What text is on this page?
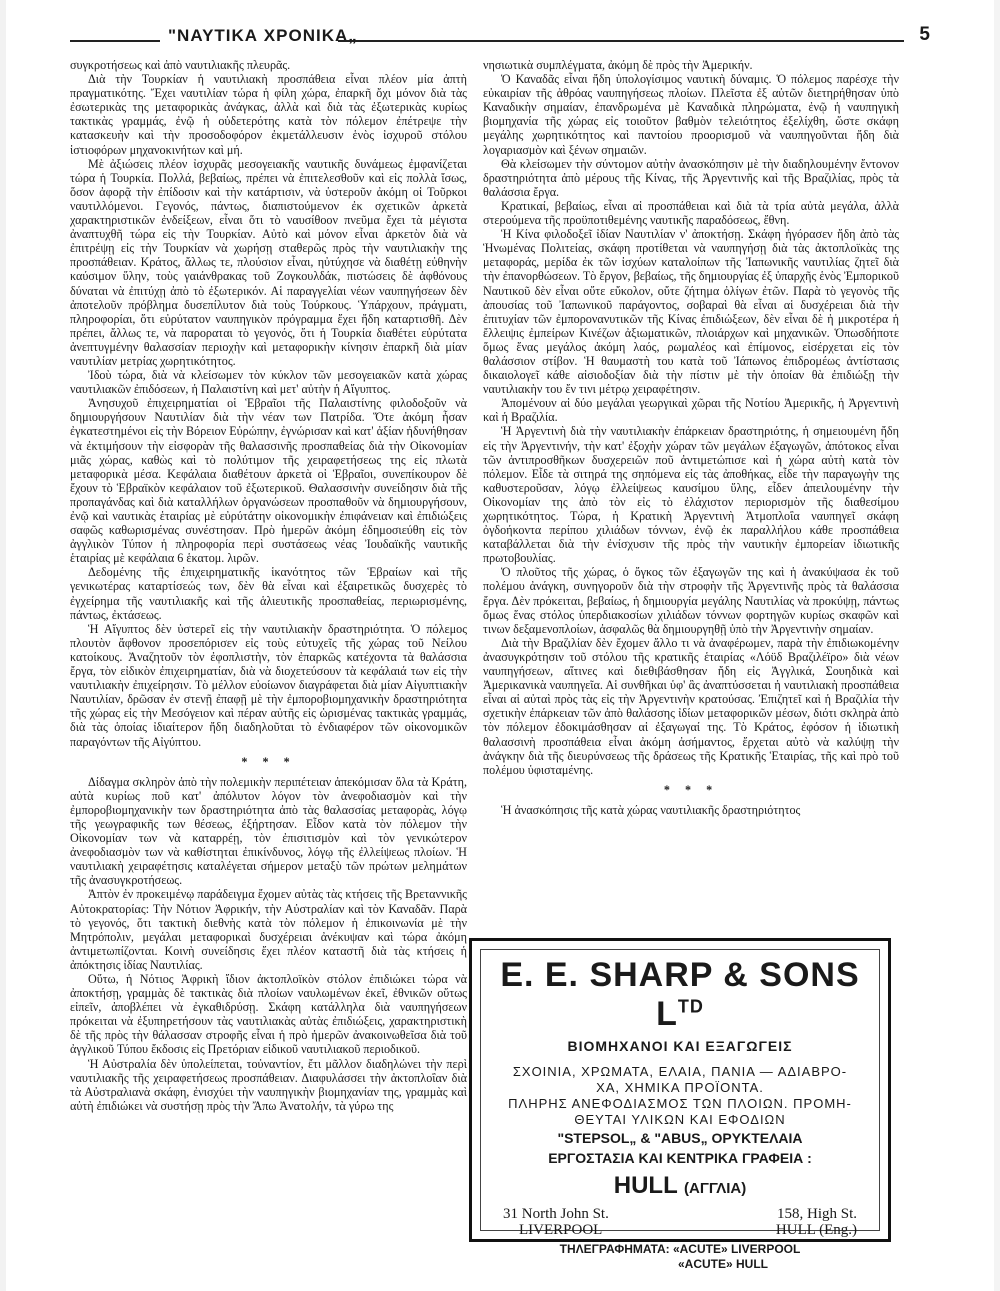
"ΝΑΥΤΙΚΑ ΧΡΟΝΙΚΑ„	5

συγκροτήσεως καὶ ἀπὸ ναυτιλιακῆς πλευρᾶς.

Διὰ τὴν Τουρκίαν ἡ ναυτιλιακὴ προσπάθεια εἶναι πλέον μία ἀπτὴ πραγματικότης. Ἔχει ναυτιλίαν τώρα ἡ φίλη χώρα, ἐπαρκῆ ὄχι μόνον διὰ τὰς ἐσωτερικὰς της μεταφορικὰς ἀνάγκας, ἀλλὰ καὶ διὰ τὰς ἐξωτερικὰς κυρίως τακτικὰς γραμμάς, ἐνῷ ἡ οὐδετερότης κατὰ τὸν πόλεμον ἐπέτρεψε τὴν κατασκευὴν καὶ τὴν προσοδοφόρον ἐκμετάλλευσιν ἑνὸς ἰσχυροῦ στόλου ἱστιοφόρων μηχανοκινήτων καὶ μή.

Μὲ ἀξιώσεις πλέον ἰσχυρᾶς μεσογειακῆς ναυτικῆς δυνάμεως ἐμφανίζεται τώρα ἡ Τουρκία. Πολλά, βεβαίως, πρέπει νὰ ἐπιτελεσθοῦν καὶ εἰς πολλὰ ἴσως, ὅσον ἀφορᾷ τὴν ἐπίδοσιν καὶ τὴν κατάρτισιν, νὰ ὑστεροῦν ἀκόμη οἱ Τοῦρκοι ναυτιλλόμενοι. Γεγονός, πάντως, διαπιστούμενον ἐκ σχετικῶν ἀρκετὰ χαρακτηριστικῶν ἐνδείξεων, εἶναι ὅτι τὸ ναυσίθοον πνεῦμα ἔχει τὰ μέγιστα ἀναπτυχθῆ τώρα εἰς τὴν Τουρκίαν. Αὐτὸ καὶ μόνον εἶναι ἀρκετὸν διὰ νὰ ἐπιτρέψῃ εἰς τὴν Τουρκίαν νὰ χωρήσῃ σταθερῶς πρὸς τὴν ναυτιλιακὴν της προσπάθειαν. Κράτος, ἄλλως τε, πλούσιον εἶναι, ηὐτύχησε νὰ διαθέτῃ εὐθηνὴν καύσιμον ὕλην, τοὺς γαιάνθρακας τοῦ Ζογκουλδάκ, πιστώσεις δὲ ἀφθόνους δύναται νὰ ἐπιτύχῃ ἀπὸ τὸ ἐξωτερικόν. Αἱ παραγγελίαι νέων ναυπηγήσεων δὲν ἀποτελοῦν πρόβλημα δυσεπίλυτον διὰ τοὺς Τούρκους. Ὑπάρχουν, πράγματι, πληροφορίαι, ὅτι εὐρύτατον ναυπηγικὸν πρόγραμμα ἔχει ἤδη καταρτισθῆ. Δὲν πρέπει, ἄλλως τε, νὰ παροραται τὸ γεγονός, ὅτι ἡ Τουρκία διαθέτει εὐρύτατα ἀνεπτυγμένην θαλασσίαν περιοχὴν καὶ μεταφορικὴν κίνησιν ἐπαρκῆ διὰ μίαν ναυτιλίαν μετρίας χωρητικότητος.

Ἰδοὺ τώρα, διὰ νὰ κλείσωμεν τὸν κύκλον τῶν μεσογειακῶν κατὰ χώρας ναυτιλιακῶν ἐπιδόσεων, ἡ Παλαιστίνη καὶ μετ' αὐτὴν ἡ Αἴγυπτος.

Ἀνησυχοῦ ἐπιχειρηματίαι οἱ Ἑβραῖοι τῆς Παλαιστίνης φιλοδοξοῦν νὰ δημιουργήσουν Ναυτιλίαν διὰ τὴν νέαν των Πατρίδα. Ὅτε ἀκόμη ἦσαν ἐγκατεστημένοι εἰς τὴν Βόρειον Εὐρώπην, ἐγνώρισαν καὶ κατ' ἀξίαν ἠδυνήθησαν νὰ ἐκτιμήσουν τὴν εἰσφορὰν τῆς θαλασσινῆς προσπαθείας διὰ τὴν Οἰκονομίαν μιᾶς χώρας, καθὼς καὶ τὸ πολύτιμον τῆς χειραφετήσεως της εἰς πλωτὰ μεταφορικὰ μέσα. Κεφάλαια διαθέτουν ἀρκετὰ οἱ Ἑβραῖοι, συνεπίκουρον δὲ ἔχουν τὸ Ἑβραϊκὸν κεφάλαιον τοῦ ἐξωτερικοῦ. Θαλασσινὴν συνείδησιν διὰ τῆς προπαγάνδας καὶ διὰ καταλλήλων ὀργανώσεων προσπαθοῦν νὰ δημιουργήσουν, ἐνῷ καὶ ναυτικὰς ἑταιρίας μὲ εὐρύτάτην οἰκονομικὴν ἐπιφάνειαν καὶ ἐπιδιώξεις σαφῶς καθωρισμένας συνέστησαν. Πρὸ ἡμερῶν ἀκόμη ἐδημοσιεύθη εἰς τὸν ἀγγλικὸν Τύπον ἡ πληροφορία περὶ συστάσεως νέας Ἰουδαϊκῆς ναυτικῆς ἑταιρίας μὲ κεφάλαια 6 ἑκατομ. λιρῶν.

Δεδομένης τῆς ἐπιχειρηματικῆς ἱκανότητος τῶν Ἑβραίων καὶ τῆς γενικωτέρας καταρτίσεώς των, δὲν θὰ εἶναι καὶ ἐξαιρετικῶς δυσχερὲς τὸ ἐγχείρημα τῆς ναυτιλιακῆς καὶ τῆς ἁλιευτικῆς προσπαθείας, περιωρισμένης, πάντως, ἐκτάσεως.

Ἡ Αἴγυπτος δὲν ὑστερεῖ εἰς τὴν ναυτιλιακὴν δραστηριότητα. Ὁ πόλεμος πλουτὸν ἄφθονον προσεπόρισεν εἰς τοὺς εὐτυχεῖς τῆς χώρας τοῦ Νείλου κατοίκους. Ἀναζητοῦν τὸν ἐφοπλιστὴν, τὸν ἐπαρκῶς κατέχοντα τὰ θαλάσσια ἔργα, τὸν εἰδικὸν ἐπιχειρηματίαν, διὰ νὰ διοχετεύσουν τὰ κεφάλαιά των εἰς τὴν ναυτιλιακὴν ἐπιχείρησιν. Τὸ μέλλον εὐοίωνον διαγράφεται διὰ μίαν Αἰγυπτιακὴν Ναυτιλίαν, δρῶσαν ἐν στενῇ ἐπαφῇ μὲ τὴν ἐμποροβιομηχανικὴν δραστηριότητα τῆς χώρας εἰς τὴν Μεσόγειον καὶ πέραν αὐτῆς εἰς ὡρισμένας τακτικὰς γραμμάς, διὰ τὰς ὁποίας ἰδιαίτερον ἤδη διαδηλοῦται τὸ ἐνδιαφέρον τῶν οἰκονομικῶν παραγόντων τῆς Αἰγύπτου.

* * *

Δίδαγμα σκληρὸν ἀπὸ τὴν πολεμικὴν περιπέτειαν ἀπεκόμισαν ὅλα τὰ Κράτη, αὐτὰ κυρίως ποῦ κατ' ἀπόλυτον λόγον τὸν ἀνεφοδιασμὸν καὶ τὴν ἐμποροβιομηχανικὴν των δραστηριότητα ἀπὸ τὰς θαλασσίας μεταφορὰς, λόγῳ τῆς γεωγραφικῆς των θέσεως, ἐξήρτησαν. Εἶδον κατὰ τὸν πόλεμον τὴν Οἰκονομίαν των νὰ καταρρέῃ, τὸν ἐπισιτισμὸν καὶ τὸν γενικώτερον ἀνεφοδιασμὸν των νὰ καθίστηται ἐπικίνδυνος, λόγῳ τῆς ἐλλείψεως πλοίων. Ἡ ναυτιλιακὴ χειραφέτησις καταλέγεται σήμερον μεταξὺ τῶν πρώτων μελημάτων τῆς ἀνασυγκροτήσεως.

Ἀπτὸν ἐν προκειμένῳ παράδειγμα ἔχομεν αὐτὰς τὰς κτήσεις τῆς Βρεταννικῆς Αὐτοκρατορίας: Τὴν Νότιον Ἀφρικήν, τὴν Αὐστραλίαν καὶ τὸν Καναδᾶν. Παρὰ τὸ γεγονός, ὅτι τακτικὴ διεθνὴς κατὰ τὸν πόλεμον ἡ ἐπικοινωνία μὲ τὴν Μητρόπολιν, μεγάλαι μεταφορικαὶ δυσχέρειαι ἀνέκυψαν καὶ τώρα ἀκόμη ἀντιμετωπίζονται. Κοινὴ συνείδησις ἔχει πλέον καταστῆ διὰ τὰς κτήσεις ἡ ἀπόκτησις ἰδίας Ναυτιλίας.

Οὕτω, ἡ Νότιος Ἀφρικὴ ἴδιον ἀκτοπλοϊκὸν στόλον ἐπιδιώκει τώρα νὰ ἀποκτήσῃ, γραμμὰς δὲ τακτικὰς διὰ πλοίων ναυλωμένων ἐκεῖ, ἐθνικῶν οὕτως εἰπεῖν, ἀποβλέπει νὰ ἐγκαθιδρύσῃ. Σκάφη κατάλληλα διὰ ναυπηγήσεων πρόκειται νὰ ἐξυπηρετήσουν τὰς ναυτιλιακὰς αὐτὰς ἐπιδιώξεις, χαρακτηριστικὴ δὲ τῆς πρὸς τὴν θάλασσαν στροφῆς εἶναι ἡ πρὸ ἡμερῶν ἀνακοινωθεῖσα διὰ τοῦ ἀγγλικοῦ Τύπου ἔκδοσις εἰς Πρετόριαν εἰδικοῦ ναυτιλιακοῦ περιοδικοῦ.

Ἡ Αὐστραλία δὲν ὑπολείπεται, τοὐναντίον, ἔτι μᾶλλον διαδηλώνει τὴν περὶ ναυτιλιακῆς τῆς χειραφετήσεως προσπάθειαν. Διαφυλάσσει τὴν ἀκτοπλοΐαν διὰ τὰ Αὐστραλιανὰ σκάφη, ἐνισχύει τὴν ναυπηγικὴν βιομηχανίαν της, γραμμὰς καὶ αὐτὴ ἐπιδιώκει νὰ συστήσῃ πρὸς τὴν Ἄπω Ἀνατολήν, τὰ γύρω της

νησιωτικὰ συμπλέγματα, ἀκόμη δὲ πρὸς τὴν Ἀμερικήν.

Ὁ Καναδᾶς εἶναι ἤδη ὑπολογίσιμος ναυτικὴ δύναμις. Ὁ πόλεμος παρέσχε τὴν εὐκαιρίαν τῆς ἀθρόας ναυπηγήσεως πλοίων. Πλεῖστα ἐξ αὐτῶν διετηρήθησαν ὑπὸ Καναδικὴν σημαίαν, ἐπανδρωμένα μὲ Καναδικὰ πληρώματα, ἐνῷ ἡ ναυπηγικὴ βιομηχανία τῆς χώρας εἰς τοιοῦτον βαθμὸν τελειότητος ἐξελίχθη, ὥστε σκάφη μεγάλης χωρητικότητος καὶ παντοίου προορισμοῦ νὰ ναυπηγοῦνται ἤδη διὰ λογαριασμὸν καὶ ξένων σημαιῶν.

Θὰ κλείσωμεν τὴν σύντομον αὐτὴν ἀνασκόπησιν μὲ τὴν διαδηλουμένην ἔντονον δραστηριότητα ἀπὸ μέρους τῆς Κίνας, τῆς Ἀργεντινῆς καὶ τῆς Βραζιλίας, πρὸς τὰ θαλάσσια ἔργα.

Κρατικαί, βεβαίως, εἶναι αἱ προσπάθειαι καὶ διὰ τὰ τρία αὐτὰ μεγάλα, ἀλλὰ στερούμενα τῆς προϋποτιθεμένης ναυτικῆς παραδόσεως, ἔθνη.

Ἡ Κίνα φιλοδοξεῖ ἰδίαν Ναυτιλίαν ν' ἀποκτήσῃ. Σκάφη ἠγόρασεν ἤδη ἀπὸ τὰς Ἡνωμένας Πολιτείας, σκάφη προτίθεται νὰ ναυπηγήσῃ διὰ τὰς ἀκτοπλοϊκὰς της μεταφοράς, μερίδα ἐκ τῶν ἰσχύων καταλοίπων τῆς Ἰαπωνικῆς ναυτιλίας ζητεῖ διὰ τὴν ἐπανορθώσεων. Τὸ ἔργον, βεβαίως, τῆς δημιουργίας ἐξ ὑπαρχῆς ἑνὸς Ἐμπορικοῦ Ναυτικοῦ δὲν εἶναι οὔτε εὔκολον, οὔτε ζήτημα ὀλίγων ἐτῶν. Παρὰ τὸ γεγονὸς τῆς ἀπουσίας τοῦ Ἰαπωνικοῦ παράγοντος, σοβαραὶ θὰ εἶναι αἱ δυσχέρειαι διὰ τὴν ἐπιτυχίαν τῶν ἐμπορονανυτικῶν τῆς Κίνας ἐπιδιώξεων, δὲν εἶναι δὲ ἡ μικροτέρα ἡ ἔλλειψις ἐμπείρων Κινέζων ἀξιωματικῶν, πλοιάρχων καὶ μηχανικῶν. Ὁπωσδήποτε ὅμως ἕνας μεγάλος ἀκόμη λαός, ρωμαλέος καὶ ἐπίμονος, εἰσέρχεται εἰς τὸν θαλάσσιον στίβον. Ἡ θαυμαστὴ του κατὰ τοῦ Ἰάπωνος ἐπιδρομέως ἀντίστασις δικαιολογεῖ κάθε αἰσιοδοξίαν διὰ τὴν πίστιν μὲ τὴν ὁποίαν θὰ ἐπιδιώξῃ τὴν ναυτιλιακὴν του ἔν τινι μέτρῳ χειραφέτησιν.

Ἀπομένουν αἱ δύο μεγάλαι γεωργικαὶ χῶραι τῆς Νοτίου Ἀμερικῆς, ἡ Ἀργεντινὴ καὶ ἡ Βραζιλία.

Ἡ Ἀργεντινὴ διὰ τὴν ναυτιλιακὴν ἐπάρκειαν δραστηριότης, ἡ σημειουμένη ἤδη εἰς τὴν Ἀργεντινήν, τὴν κατ' ἐξοχὴν χώραν τῶν μεγάλων ἐξαγωγῶν, ἀπότοκος εἶναι τῶν ἀντιπροσθῆκων δυσχερειῶν ποῦ ἀντιμετώπισε καὶ ἡ χώρα αὐτὴ κατὰ τὸν πόλεμον. Εἶδε τὰ σιτηρά της σηπόμενα εἰς τὰς ἀποθήκας, εἶδε τὴν παραγωγὴν της καθυστεροῦσαν, λόγῳ ἐλλείψεως καυσίμου ὕλης, εἶδεν ἀπειλουμένην τὴν Οἰκονομίαν της ἀπὸ τὸν εἰς τὸ ἐλάχιστον περιορισμὸν τῆς διαθεσίμου χωρητικότητος. Τώρα, ἡ Κρατικὴ Ἀργεντινὴ Ἀτμοπλοΐα ναυπηγεῖ σκάφη ὀγδοήκοντα περίπου χιλιάδων τόννων, ἐνῷ ἐκ παραλλήλου κάθε προσπάθεια καταβάλλεται διὰ τὴν ἐνίσχυσιν τῆς πρὸς τὴν ναυτικὴν ἐμπορείαν ἰδιωτικῆς πρωτοβουλίας.

Ὁ πλοῦτος τῆς χώρας, ὁ ὄγκος τῶν ἐξαγωγῶν της καὶ ἡ ἀνακύψασα ἐκ τοῦ πολέμου ἀνάγκη, συνηγοροῦν διὰ τὴν στροφὴν τῆς Ἀργεντινῆς πρὸς τὰ θαλάσσια ἔργα. Δὲν πρόκειται, βεβαίως, ἡ δημιουργία μεγάλης Ναυτιλίας νὰ προκύψῃ, πάντως ὅμως ἕνας στόλος ὑπερδιακοσίων χιλιάδων τόννων φορτηγῶν κυρίως σκαφῶν καὶ τινων δεξαμενοπλοίων, ἀσφαλῶς θὰ δημιουργηθῇ ὑπὸ τὴν Ἀργεντινὴν σημαίαν.

Διὰ τὴν Βραζιλίαν δὲν ἔχομεν ἄλλο τι νὰ ἀναφέρωμεν, παρὰ τὴν ἐπιδιωκομένην ἀνασυγκρότησιν τοῦ στόλου τῆς κρατικῆς ἑταιρίας «Λόϋδ Βραζιλέϊρο» διὰ νέων ναυπηγήσεων, αἵτινες καὶ διεθιβάσθησαν ἤδη εἰς Ἀγγλικά, Σουηδικὰ καὶ Ἀμερικανικὰ ναυπηγεῖα. Αἱ συνθῆκαι ὑφ' ἃς ἀναπτύσσεται ἡ ναυτιλιακὴ προσπάθεια εἶναι αἱ αὐταὶ πρὸς τὰς εἰς τὴν Ἀργεντινὴν κρατούσας. Ἐπιζητεῖ καὶ ἡ Βραζιλία τὴν σχετικὴν ἐπάρκειαν τῶν ἀπὸ θαλάσσης ἰδίων μεταφορικῶν μέσων, διότι σκληρὰ ἀπὸ τὸν πόλεμον ἐδοκιμάσθησαν αἱ ἐξαγωγαί της. Τὸ Κράτος, ἐφόσον ἡ ἰδιωτικὴ θαλασσινὴ προσπάθεια εἶναι ἀκόμη ἀσήμαντος, ἔρχεται αὐτὸ νὰ καλύψῃ τὴν ἀνάγκην διὰ τῆς διευρύνσεως τῆς δράσεως τῆς Κρατικῆς Ἑταιρίας, τῆς καὶ πρὸ τοῦ πολέμου ὑφισταμένης.

* * *

Ἡ ἀνασκόπησις τῆς κατὰ χώρας ναυτιλιακῆς δραστηριότητος

E. E. SHARP & SONS $L^{TD}$
ΒΙΟΜΗΧΑΝΟΙ ΚΑΙ ΕΞΑΓΩΓΕΙΣ
ΣΧΟΙΝΙΑ, ΧΡΩΜΑΤΑ, ΕΛΑΙΑ, ΠΑΝΙΑ — ΑΔΙΑΒΡΟ-
ΧΑ, ΧΗΜΙΚΑ ΠΡΟΪΟΝΤΑ.
ΠΛΗΡΗΣ ΑΝΕΦΟΔΙΑΣΜΟΣ ΤΩΝ ΠΛΟΙΩΝ. ΠΡΟΜΗ-
ΘΕΥΤΑΙ ΥΛΙΚΩΝ ΚΑΙ ΕΦΟΔΙΩΝ
"STEPSOL„ & "ABUS„ ΟΡΥΚΤΕΛΑΙΑ
ΕΡΓΟΣΤΑΣΙΑ ΚΑΙ ΚΕΝΤΡΙΚΑ ΓΡΑΦΕΙΑ :
HULL (ΑΓΓΛΙΑ)
31 North John St.
LIVERPOOL
158, High St.
HULL (Eng.)
ΤΗΛΕΓΡΑΦΗΜΑΤΑ: «ACUTE» LIVERPOOL
«ACUTE» HULL
